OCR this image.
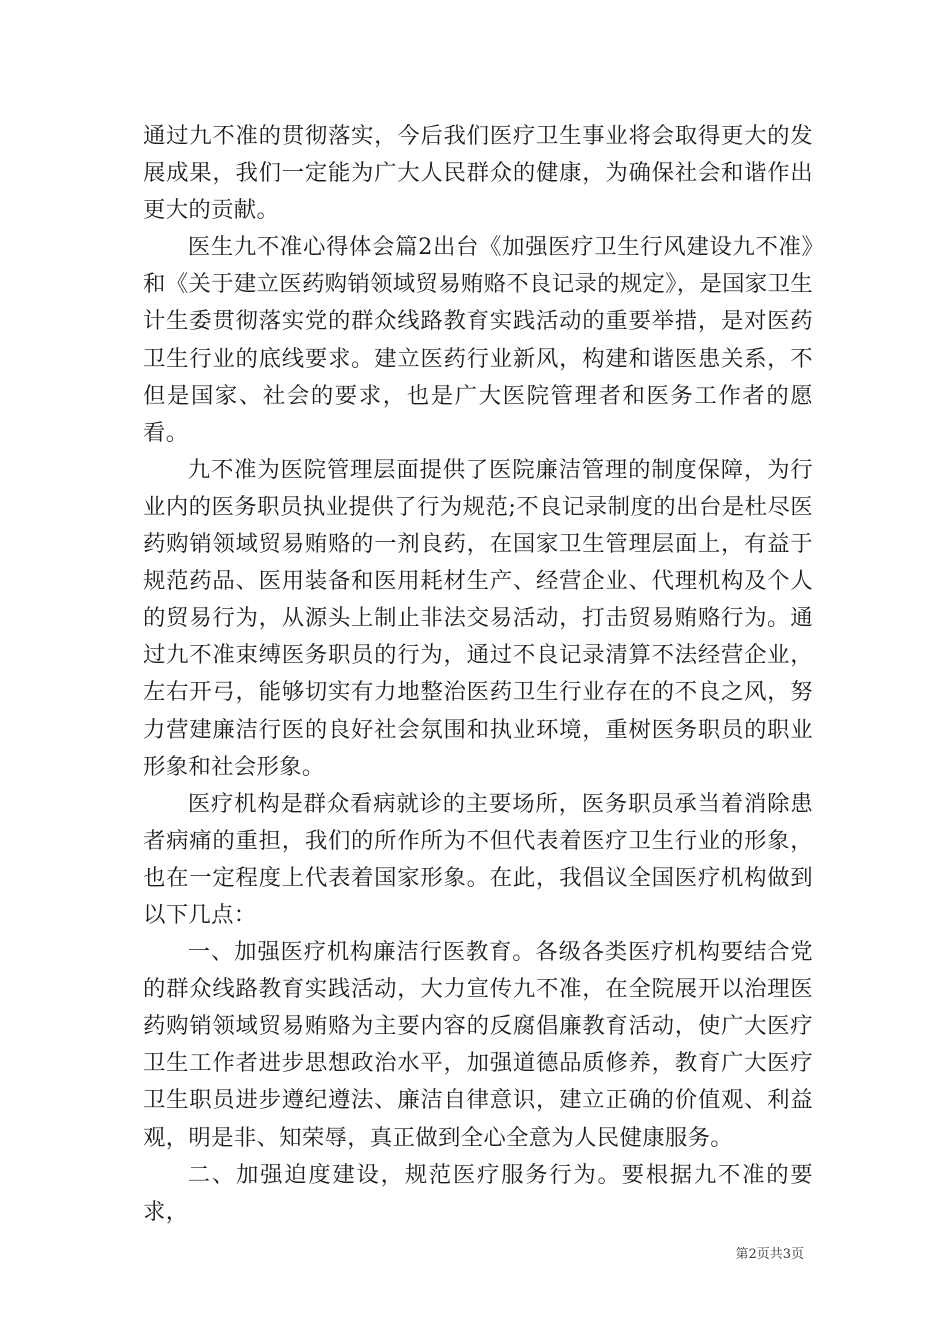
通过九不准的贯彻落实，今后我们医疗卫生事业将会取得更大的发展成果，我们一定能为广大人民群众的健康，为确保社会和谐作出更大的贡献。

医生九不准心得体会篇2出台《加强医疗卫生行风建设九不准》和《关于建立医药购销领域贸易贿赂不良记录的规定》，是国家卫生计生委贯彻落实党的群众线路教育实践活动的重要举措，是对医药卫生行业的底线要求。建立医药行业新风，构建和谐医患关系，不但是国家、社会的要求，也是广大医院管理者和医务工作者的愿看。

九不准为医院管理层面提供了医院廉洁管理的制度保障，为行业内的医务职员执业提供了行为规范;不良记录制度的出台是杜尽医药购销领域贸易贿赂的一剂良药，在国家卫生管理层面上，有益于规范药品、医用装备和医用耗材生产、经营企业、代理机构及个人的贸易行为，从源头上制止非法交易活动，打击贸易贿赂行为。通过九不准束缚医务职员的行为，通过不良记录清算不法经营企业，左右开弓，能够切实有力地整治医药卫生行业存在的不良之风，努力营建廉洁行医的良好社会氛围和执业环境，重树医务职员的职业形象和社会形象。

医疗机构是群众看病就诊的主要场所，医务职员承当着消除患者病痛的重担，我们的所作所为不但代表着医疗卫生行业的形象，也在一定程度上代表着国家形象。在此，我倡议全国医疗机构做到以下几点：

一、加强医疗机构廉洁行医教育。各级各类医疗机构要结合党的群众线路教育实践活动，大力宣传九不准，在全院展开以治理医药购销领域贸易贿赂为主要内容的反腐倡廉教育活动，使广大医疗卫生工作者进步思想政治水平，加强道德品质修养，教育广大医疗卫生职员进步遵纪遵法、廉洁自律意识，建立正确的价值观、利益观，明是非、知荣辱，真正做到全心全意为人民健康服务。

二、加强迫度建设，规范医疗服务行为。要根据九不准的要求，

第2页共3页
